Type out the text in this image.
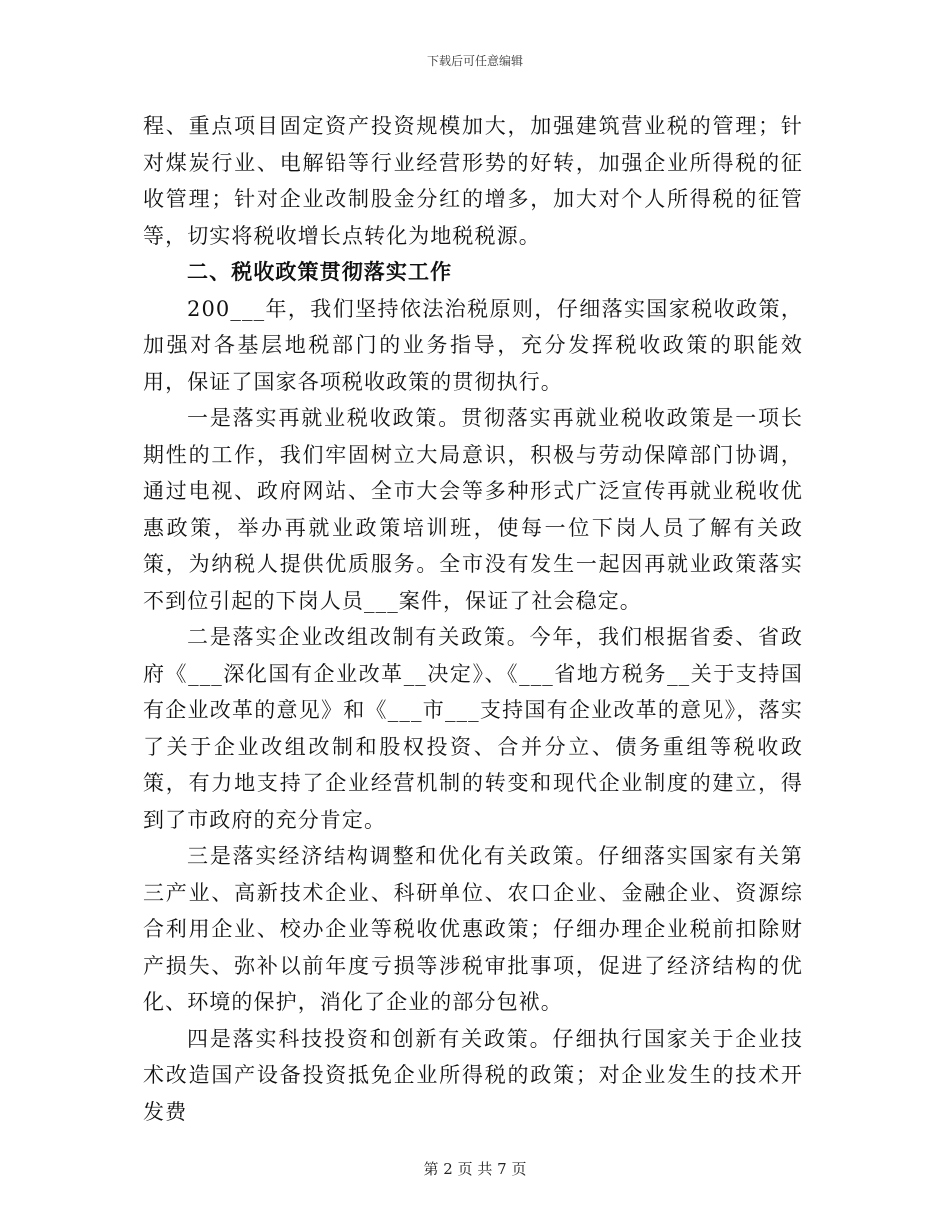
下载后可任意编辑

程、重点项目固定资产投资规模加大，加强建筑营业税的管理；针对煤炭行业、电解铅等行业经营形势的好转，加强企业所得税的征收管理；针对企业改制股金分红的增多，加大对个人所得税的征管等，切实将税收增长点转化为地税税源。

二、税收政策贯彻落实工作

200___年，我们坚持依法治税原则，仔细落实国家税收政策，加强对各基层地税部门的业务指导，充分发挥税收政策的职能效用，保证了国家各项税收政策的贯彻执行。

一是落实再就业税收政策。贯彻落实再就业税收政策是一项长期性的工作，我们牢固树立大局意识，积极与劳动保障部门协调，通过电视、政府网站、全市大会等多种形式广泛宣传再就业税收优惠政策，举办再就业政策培训班，使每一位下岗人员了解有关政策，为纳税人提供优质服务。全市没有发生一起因再就业政策落实不到位引起的下岗人员___案件，保证了社会稳定。

二是落实企业改组改制有关政策。今年，我们根据省委、省政府《___深化国有企业改革__决定》、《___省地方税务__关于支持国有企业改革的意见》和《___市___支持国有企业改革的意见》，落实了关于企业改组改制和股权投资、合并分立、债务重组等税收政策，有力地支持了企业经营机制的转变和现代企业制度的建立，得到了市政府的充分肯定。

三是落实经济结构调整和优化有关政策。仔细落实国家有关第三产业、高新技术企业、科研单位、农口企业、金融企业、资源综合利用企业、校办企业等税收优惠政策；仔细办理企业税前扣除财产损失、弥补以前年度亏损等涉税审批事项，促进了经济结构的优化、环境的保护，消化了企业的部分包袱。

四是落实科技投资和创新有关政策。仔细执行国家关于企业技术改造国产设备投资抵免企业所得税的政策；对企业发生的技术开发费

第 2 页 共 7 页
